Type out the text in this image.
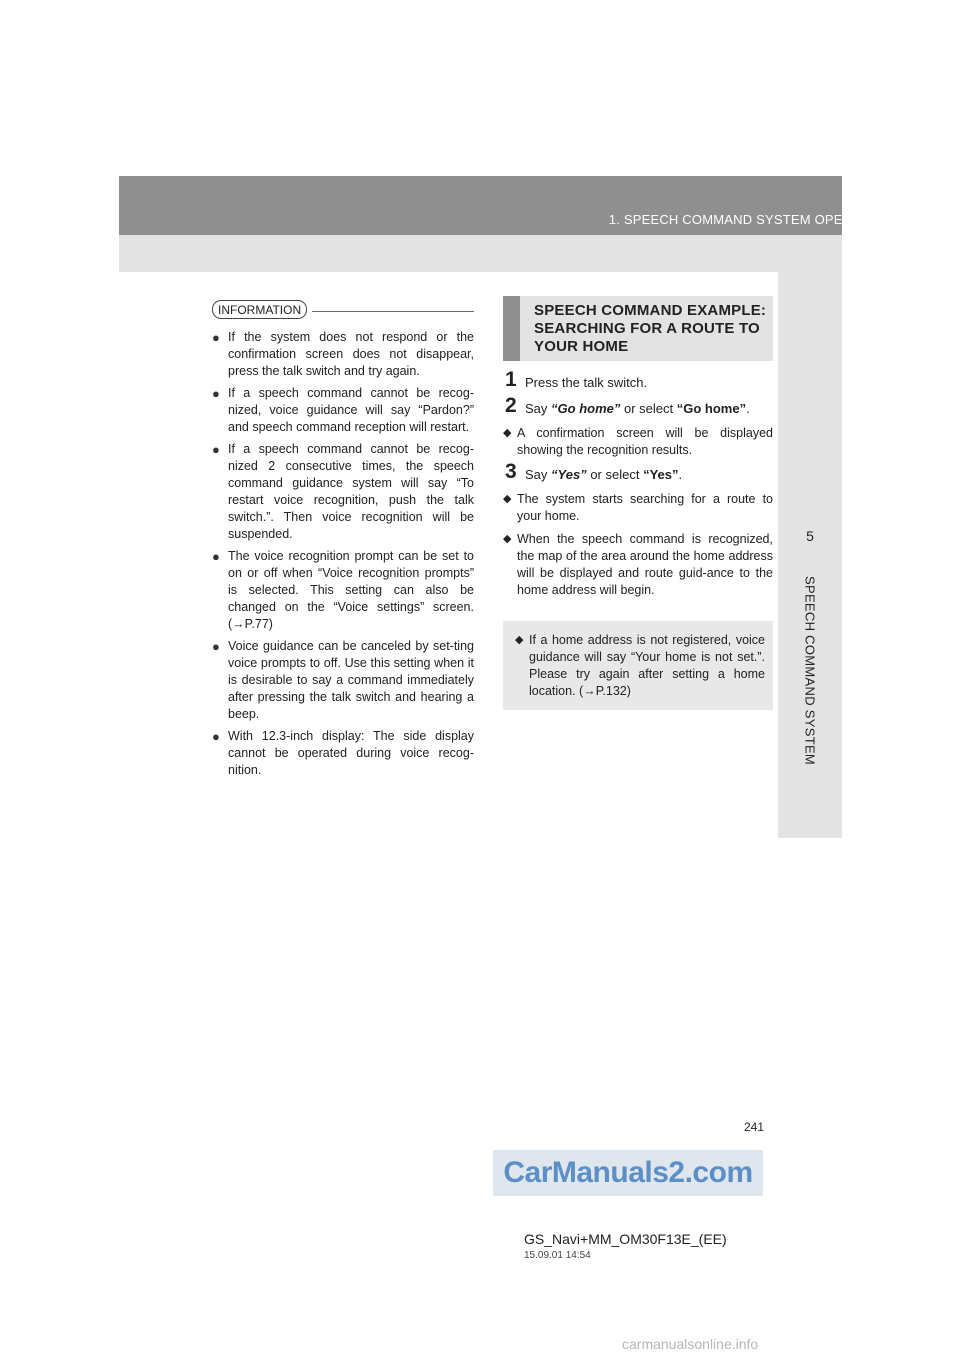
1. SPEECH COMMAND SYSTEM OPERATION
5
SPEECH COMMAND SYSTEM
INFORMATION
● If the system does not respond or the confirmation screen does not disappear, press the talk switch and try again.
● If a speech command cannot be recog-nized, voice guidance will say “Pardon?” and speech command reception will restart.
● If a speech command cannot be recog-nized 2 consecutive times, the speech command guidance system will say “To restart voice recognition, push the talk switch.”. Then voice recognition will be suspended.
● The voice recognition prompt can be set to on or off when “Voice recognition prompts” is selected. This setting can also be changed on the “Voice settings” screen. (→P.77)
● Voice guidance can be canceled by set-ting voice prompts to off. Use this setting when it is desirable to say a command immediately after pressing the talk switch and hearing a beep.
● With 12.3-inch display: The side display cannot be operated during voice recog-nition.
SPEECH COMMAND EXAMPLE: SEARCHING FOR A ROUTE TO YOUR HOME
1 Press the talk switch.
2 Say “Go home” or select “Go home”.
◆ A confirmation screen will be displayed showing the recognition results.
3 Say “Yes” or select “Yes”.
◆ The system starts searching for a route to your home.
◆ When the speech command is recognized, the map of the area around the home address will be displayed and route guid-ance to the home address will begin.
◆ If a home address is not registered, voice guidance will say “Your home is not set.”. Please try again after setting a home location. (→P.132)
241
CarManuals2.com
GS_Navi+MM_OM30F13E_(EE)
15.09.01 14:54
carmanualsonline.info
